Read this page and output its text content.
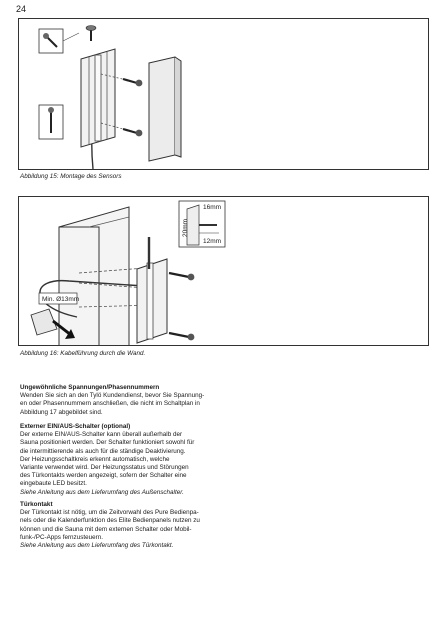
24
Abbildung 15: Montage des Sensors
Min. Ø13mm
16mm
20mm
12mm
Abbildung 16: Kabelführung durch die Wand.
Ungewöhnliche Spannungen/Phasennummern
Wenden Sie sich an den Tylö Kundendienst, bevor Sie Spannung-
en oder Phasennummern anschließen, die nicht im Schaltplan in
Abbildung 17 abgebildet sind.
Externer EIN/AUS-Schalter (optional)
Der externe EIN/AUS-Schalter kann überall außerhalb der
Sauna positioniert werden. Der Schalter funktioniert sowohl für
die intermittierende als auch für die ständige Deaktivierung.
Der Heizungsschaltkreis erkennt automatisch, welche
Variante verwendet wird. Der Heizungsstatus und Störungen
des Türkontakts werden angezeigt, sofern der Schalter eine
eingebaute LED besitzt.
Siehe Anleitung aus dem Lieferumfang des Außenschalter.
Türkontakt
Der Türkontakt ist nötig, um die Zeitvorwahl des Pure Bedienpa-
nels oder die Kalenderfunktion des Elite Bedienpanels nutzen zu
können und die Sauna mit dem externen Schalter oder Mobil-
funk-/PC-Apps fernzusteuern.
Siehe Anleitung aus dem Lieferumfang des Türkontakt.
